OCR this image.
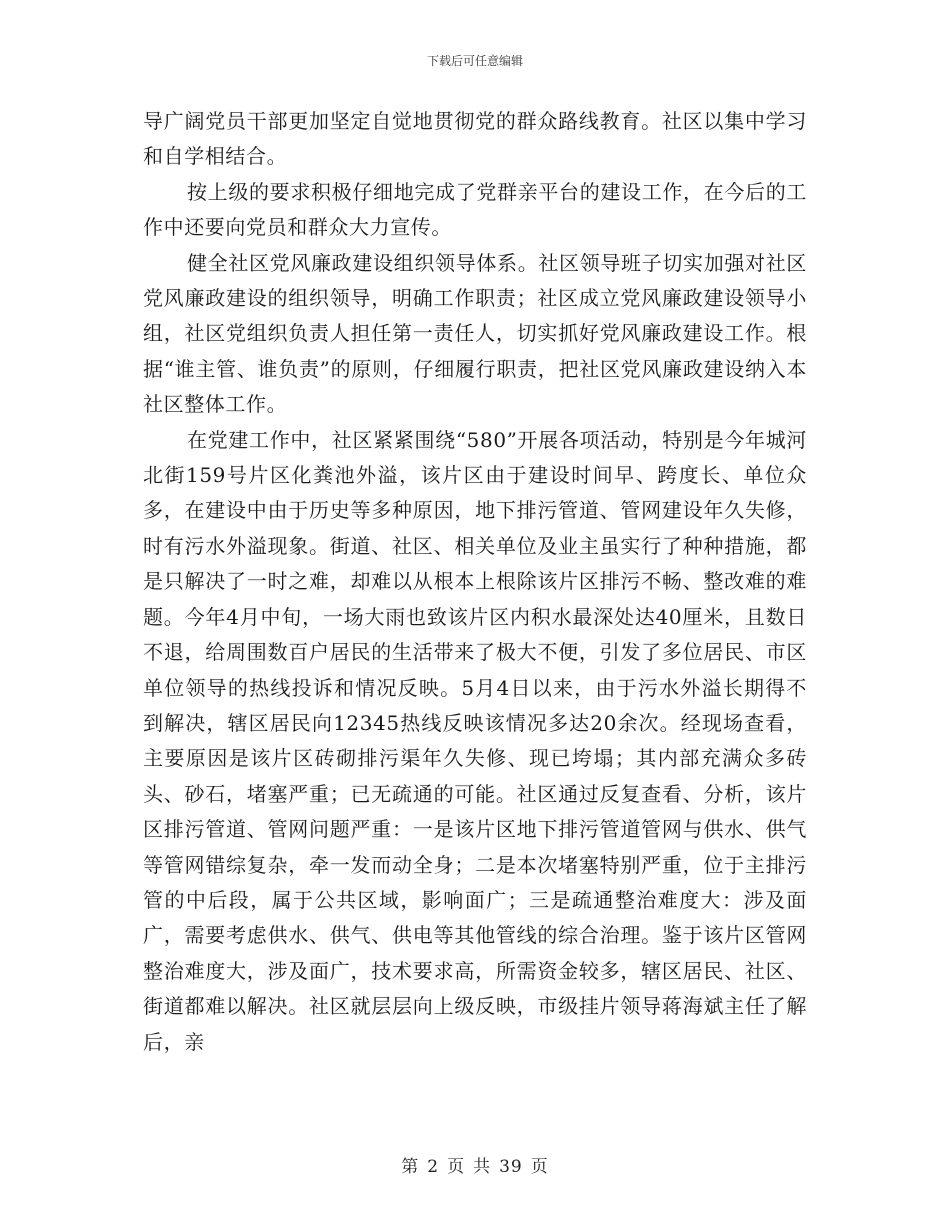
下载后可任意编辑

导广阔党员干部更加坚定自觉地贯彻党的群众路线教育。社区以集中学习和自学相结合。

按上级的要求积极仔细地完成了党群亲平台的建设工作，在今后的工作中还要向党员和群众大力宣传。

健全社区党风廉政建设组织领导体系。社区领导班子切实加强对社区党风廉政建设的组织领导，明确工作职责；社区成立党风廉政建设领导小组，社区党组织负责人担任第一责任人，切实抓好党风廉政建设工作。根据“谁主管、谁负责”的原则，仔细履行职责，把社区党风廉政建设纳入本社区整体工作。

在党建工作中，社区紧紧围绕“580”开展各项活动，特别是今年城河北街159号片区化粪池外溢，该片区由于建设时间早、跨度长、单位众多，在建设中由于历史等多种原因，地下排污管道、管网建设年久失修，时有污水外溢现象。街道、社区、相关单位及业主虽实行了种种措施，都是只解决了一时之难，却难以从根本上根除该片区排污不畅、整改难的难题。今年4月中旬，一场大雨也致该片区内积水最深处达40厘米，且数日不退，给周围数百户居民的生活带来了极大不便，引发了多位居民、市区单位领导的热线投诉和情况反映。5月4日以来，由于污水外溢长期得不到解决，辖区居民向12345热线反映该情况多达20余次。经现场查看，主要原因是该片区砖砌排污渠年久失修、现已垮塌；其内部充满众多砖头、砂石，堵塞严重；已无疏通的可能。社区通过反复查看、分析，该片区排污管道、管网问题严重：一是该片区地下排污管道管网与供水、供气等管网错综复杂，牵一发而动全身；二是本次堵塞特别严重，位于主排污管的中后段，属于公共区域，影响面广；三是疏通整治难度大：涉及面广，需要考虑供水、供气、供电等其他管线的综合治理。鉴于该片区管网整治难度大，涉及面广，技术要求高，所需资金较多，辖区居民、社区、街道都难以解决。社区就层层向上级反映，市级挂片领导蒋海斌主任了解后，亲

第 2 页 共 39 页
